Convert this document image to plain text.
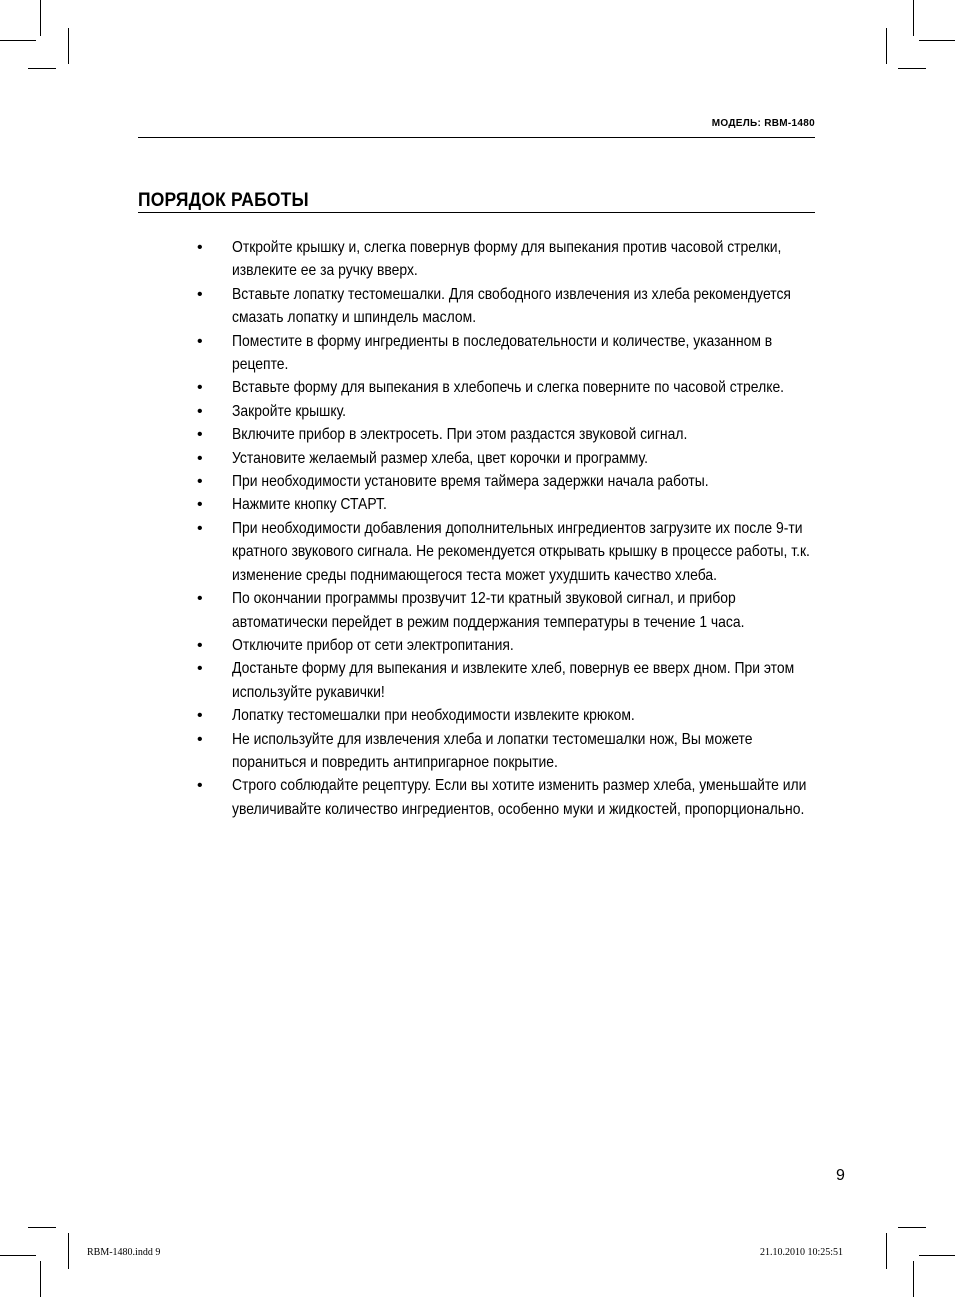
МОДЕЛЬ: RBM-1480
ПОРЯДОК РАБОТЫ
• Откройте крышку и, слегка повернув форму для выпекания против часовой стрелки, извлеките ее за ручку вверх.
• Вставьте лопатку тестомешалки. Для свободного извлечения из хлеба рекомендуется смазать лопатку и шпиндель маслом.
• Поместите в форму ингредиенты в последовательности и количестве, указанном в рецепте.
• Вставьте форму для выпекания в хлебопечь и слегка поверните по часовой стрелке.
• Закройте крышку.
• Включите прибор в электросеть. При этом раздастся звуковой сигнал.
• Установите желаемый размер хлеба, цвет корочки и программу.
• При необходимости установите время таймера задержки начала работы.
• Нажмите кнопку СТАРТ.
• При необходимости добавления дополнительных ингредиентов загрузите их после 9-ти кратного звукового сигнала. Не рекомендуется открывать крышку в процессе работы, т.к. изменение среды поднимающегося теста может ухудшить качество хлеба.
• По окончании программы прозвучит 12-ти кратный звуковой сигнал, и прибор автоматически перейдет в режим поддержания температуры в течение 1 часа.
• Отключите прибор от сети электропитания.
• Достаньте форму для выпекания и извлеките хлеб, повернув ее вверх дном. При этом используйте рукавички!
• Лопатку тестомешалки при необходимости извлеките крюком.
• Не используйте для извлечения хлеба и лопатки тестомешалки нож, Вы можете пораниться и повредить антипригарное покрытие.
• Строго соблюдайте рецептуру. Если вы хотите изменить размер хлеба, уменьшайте или увеличивайте количество ингредиентов, особенно муки и жидкостей, пропорционально.
9
RBM-1480.indd 9	21.10.2010 10:25:51
